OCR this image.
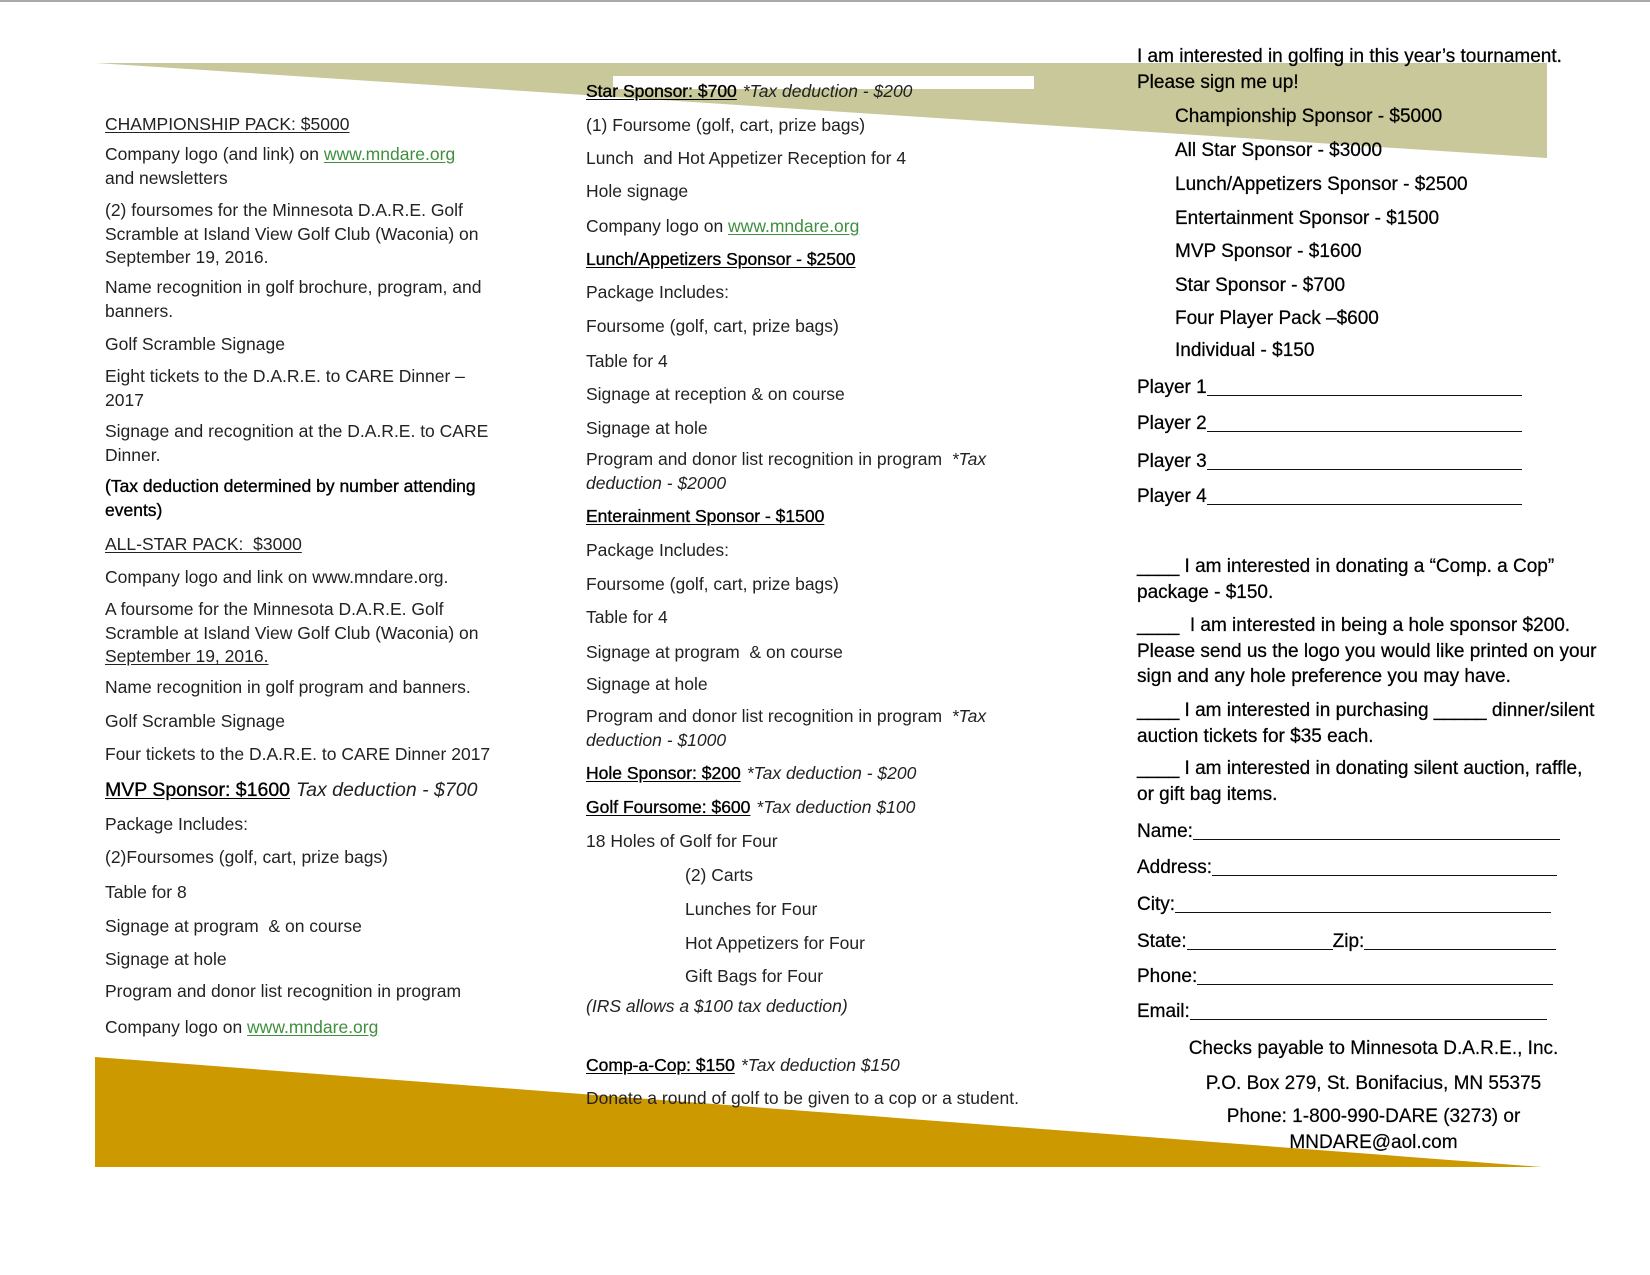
CHAMPIONSHIP PACK: $5000
Company logo (and link) on www.mndare.org
and newsletters
(2) foursomes for the Minnesota D.A.R.E. Golf
Scramble at Island View Golf Club (Waconia) on
September 19, 2016.
Name recognition in golf brochure, program, and
banners.
Golf Scramble Signage
Eight tickets to the D.A.R.E. to CARE Dinner –
2017
Signage and recognition at the D.A.R.E. to CARE
Dinner.
(Tax deduction determined by number attending
events)
ALL-STAR PACK:  $3000
Company logo and link on www.mndare.org.
A foursome for the Minnesota D.A.R.E. Golf
Scramble at Island View Golf Club (Waconia) on
September 19, 2016.
Name recognition in golf program and banners.
Golf Scramble Signage
Four tickets to the D.A.R.E. to CARE Dinner 2017
MVP Sponsor: $1600 Tax deduction - $700
Package Includes:
(2)Foursomes (golf, cart, prize bags)
Table for 8
Signage at program  & on course
Signage at hole
Program and donor list recognition in program
Company logo on www.mndare.org
Star Sponsor: $700 *Tax deduction - $200
(1) Foursome (golf, cart, prize bags)
Lunch  and Hot Appetizer Reception for 4
Hole signage
Company logo on www.mndare.org
Lunch/Appetizers Sponsor - $2500
Package Includes:
Foursome (golf, cart, prize bags)
Table for 4
Signage at reception & on course
Signage at hole
Program and donor list recognition in program  *Tax
deduction - $2000
Enterainment Sponsor - $1500
Package Includes:
Foursome (golf, cart, prize bags)
Table for 4
Signage at program  & on course
Signage at hole
Program and donor list recognition in program  *Tax
deduction - $1000
Hole Sponsor: $200 *Tax deduction - $200
Golf Foursome: $600 *Tax deduction $100
18 Holes of Golf for Four
(2) Carts
Lunches for Four
Hot Appetizers for Four
Gift Bags for Four
(IRS allows a $100 tax deduction)
Comp-a-Cop: $150 *Tax deduction $150
Donate a round of golf to be given to a cop or a student.
I am interested in golfing in this year’s tournament.
Please sign me up!
Championship Sponsor - $5000
All Star Sponsor - $3000
Lunch/Appetizers Sponsor - $2500
Entertainment Sponsor - $1500
MVP Sponsor - $1600
Star Sponsor - $700
Four Player Pack –$600
Individual - $150
Player 1
Player 2
Player 3
Player 4
____ I am interested in donating a “Comp. a Cop”
package - $150.
____  I am interested in being a hole sponsor $200.
Please send us the logo you would like printed on your
sign and any hole preference you may have.
____ I am interested in purchasing _____ dinner/silent
auction tickets for $35 each.
____ I am interested in donating silent auction, raffle,
or gift bag items.
Name:
Address:
City:
State:	Zip:
Phone:
Email:
Checks payable to Minnesota D.A.R.E., Inc.
P.O. Box 279, St. Bonifacius, MN 55375
Phone: 1-800-990-DARE (3273) or
MNDARE@aol.com
